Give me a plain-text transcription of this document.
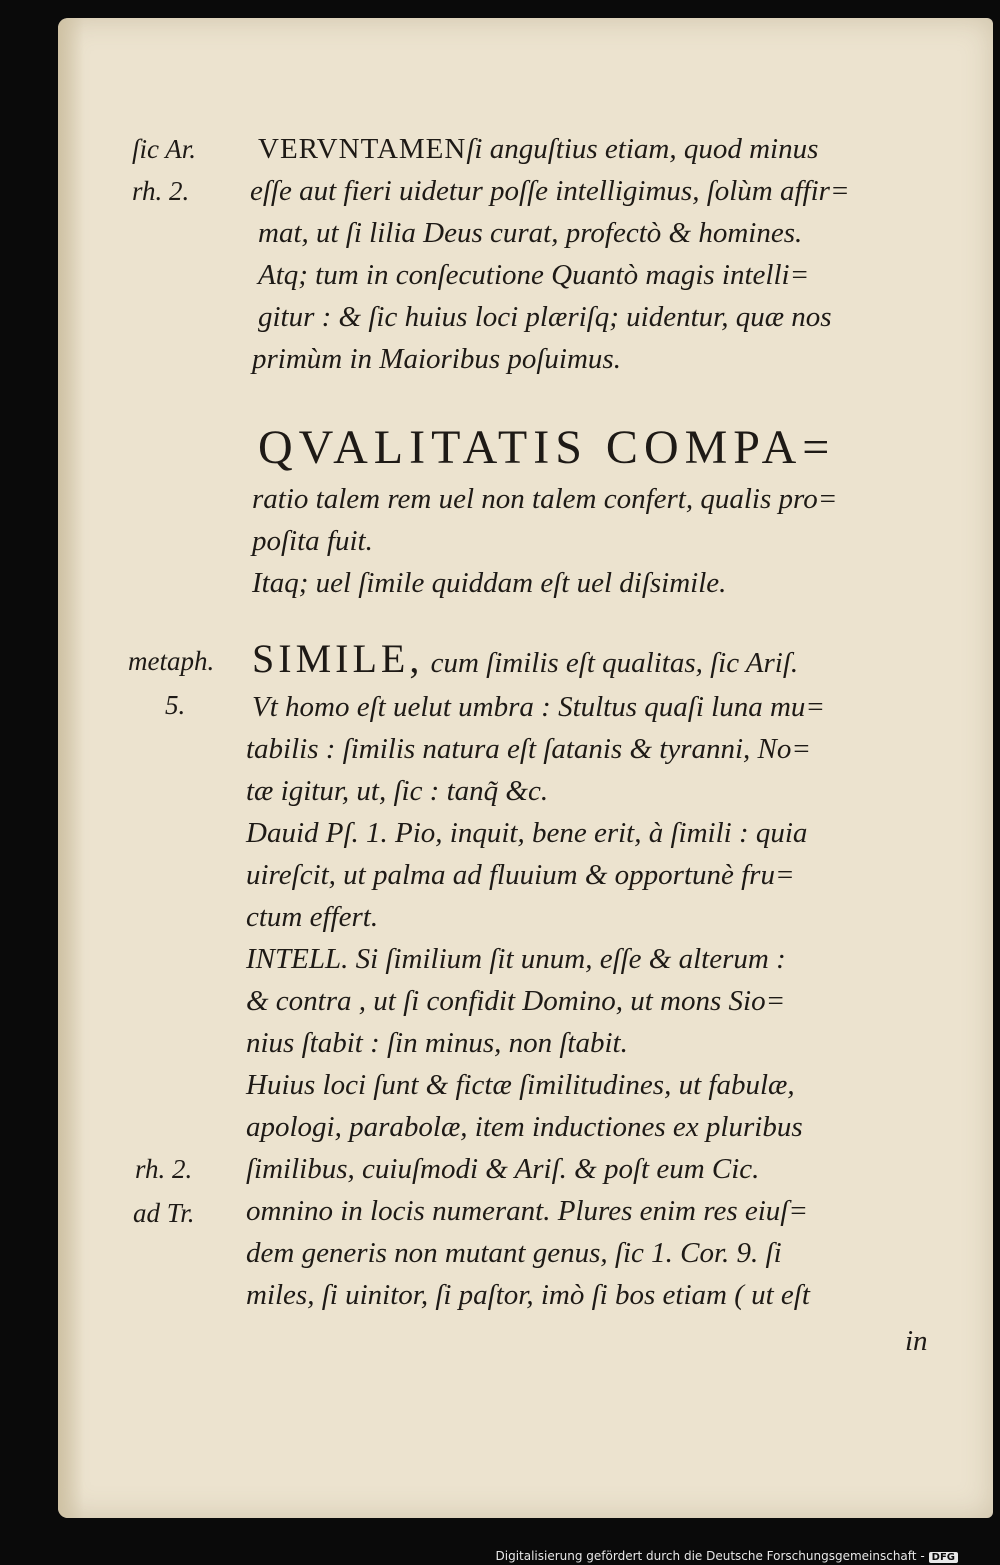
ſic Ar.
rh. 2.
metaph.
5.
rh. 2.
ad Tr.
VERVNTAMENſi anguſtius etiam, quod minus
eſſe aut fieri uidetur poſſe intelligimus, ſolùm affir=
mat, ut ſi lilia Deus curat, profectò & homines.
Atq; tum in conſecutione Quantò magis intelli=
gitur : & ſic huius loci plæriſq; uidentur, quæ nos
primùm in Maioribus poſuimus.
QVALITATIS COMPA=
ratio talem rem uel non talem confert, qualis pro=
poſita fuit.
Itaq; uel ſimile quiddam eſt uel diſsimile.
SIMILE, cum ſimilis eſt qualitas, ſic Ariſ.
Vt homo eſt uelut umbra : Stultus quaſi luna mu=
tabilis : ſimilis natura eſt ſatanis & tyranni, No=
tæ igitur, ut, ſic : tanq̃ &c.
Dauid Pſ. 1. Pio, inquit, bene erit, à ſimili : quia
uireſcit, ut palma ad fluuium & opportunè fru=
ctum effert.
INTELL. Si ſimilium ſit unum, eſſe & alterum :
& contra , ut ſi confidit Domino, ut mons Sio=
nius ſtabit : ſin minus, non ſtabit.
Huius loci ſunt & fictæ ſimilitudines, ut fabulæ,
apologi, parabolæ, item inductiones ex pluribus
ſimilibus, cuiuſmodi & Ariſ. & poſt eum Cic.
omnino in locis numerant. Plures enim res eiuſ=
dem generis non mutant genus, ſic 1. Cor. 9. ſi
miles, ſi uinitor, ſi paſtor, imò ſi bos etiam ( ut eſt
in
Digitalisierung gefördert durch die Deutsche Forschungsgemeinschaft - DFG
